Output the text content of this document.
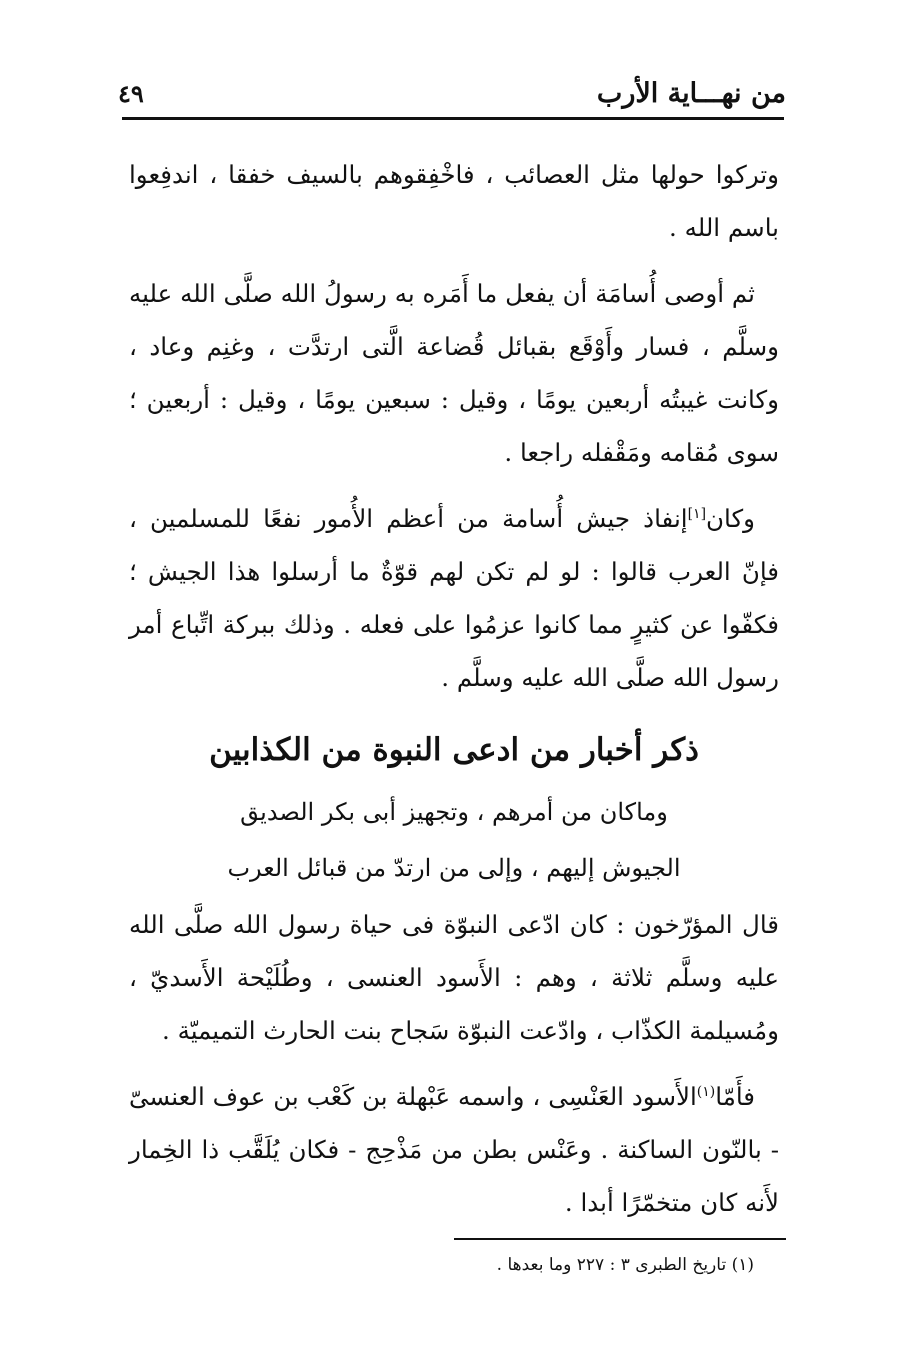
من نهـــاية الأرب
٤٩

وتركوا حولها مثل العصائب ، فاخْفِقوهم بالسيف خفقا ، اندفِعوا باسم الله .

ثم أوصى أُسامَة أن يفعل ما أَمَره به رسولُ الله صلَّى الله عليه وسلَّم ، فسار وأَوْقَع بقبائل قُضاعة الَّتى ارتدَّت ، وغنِم وعاد ، وكانت غيبتُه أربعين يومًا ، وقيل : سبعين يومًا ، وقيل : أربعين ؛ سوى مُقامه ومَقْفله راجعا .

وكان[١]إنفاذ جيش أُسامة من أعظم الأُمور نفعًا للمسلمين ، فإنّ العرب قالوا : لو لم تكن لهم قوّةٌ ما أرسلوا هذا الجيش ؛ فكفّوا عن كثيرٍ مما كانوا عزمُوا على فعله . وذلك ببركة اتِّباع أمر رسول الله صلَّى الله عليه وسلَّم .

ذكر أخبار من ادعى النبوة من الكذابين
وماكان من أمرهم ، وتجهيز أبى بكر الصديق
الجيوش إليهم ، وإلى من ارتدّ من قبائل العرب

قال المؤرّخون : كان ادّعى النبوّة فى حياة رسول الله صلَّى الله عليه وسلَّم ثلاثة ، وهم : الأَسود العنسى ، وطُلَيْحة الأَسديّ ، ومُسيلمة الكذّاب ، وادّعت النبوّة سَجاح بنت الحارث التميميّة .

فأَمّا$^{(١)}$الأَسود العَنْسِى ، واسمه عَبْهلة بن كَعْب بن عوف العنسىّ - بالنّون الساكنة . وعَنْس بطن من مَذْحِج - فكان يُلَقَّب ذا الخِمار لأَنه كان متخمّرًا أبدا .

(١) تاريخ الطبرى ٣ : ٢٢٧ وما بعدها .
